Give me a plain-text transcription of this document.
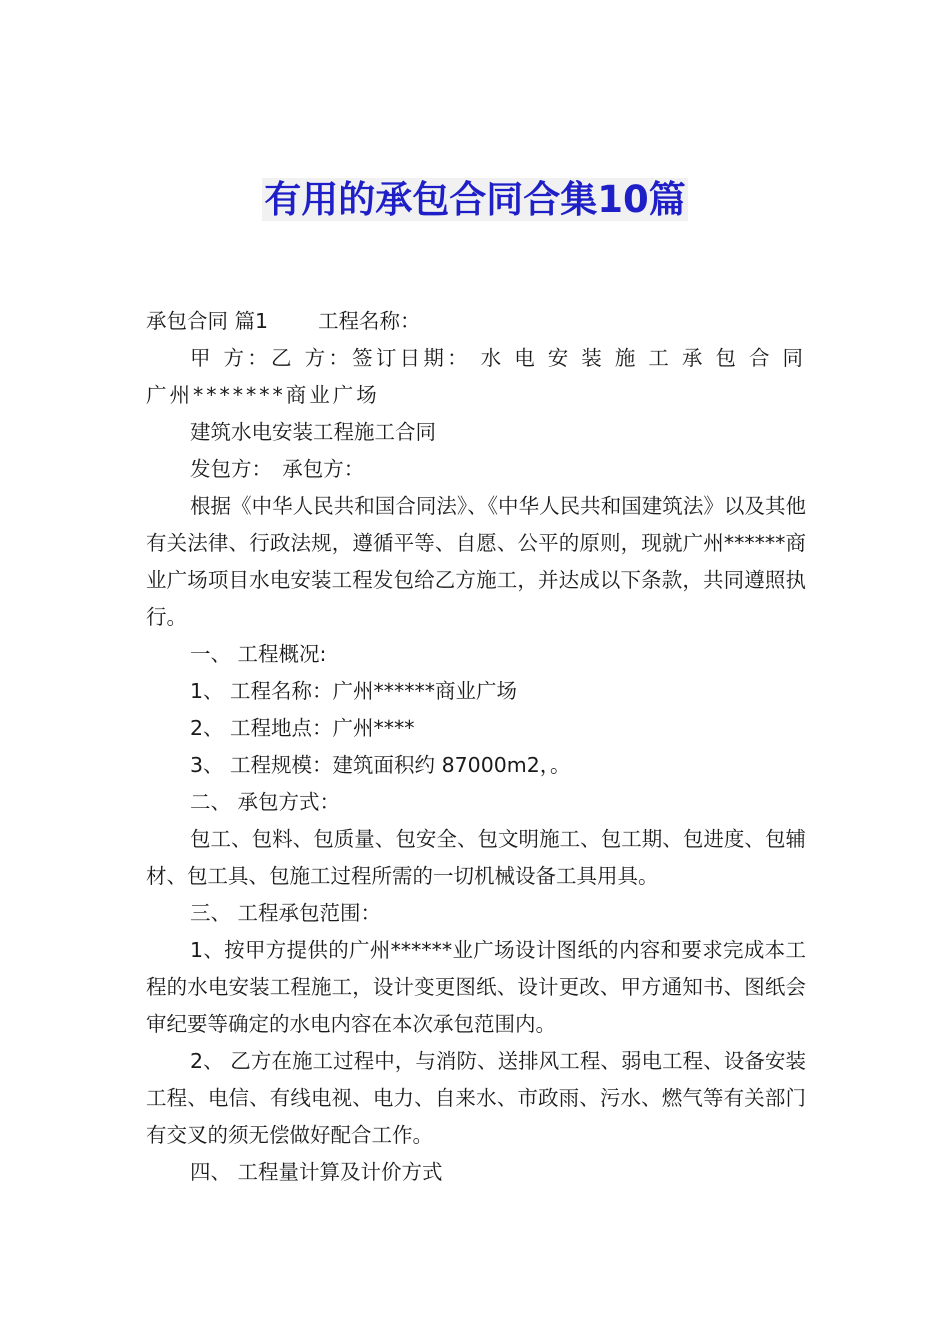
有用的承包合同合集10篇

承包合同 篇1 工程名称：

甲 方：乙 方：签订日期： 水 电 安 装 施 工 承 包 合 同 广州*******商业广场

建筑水电安装工程施工合同

发包方：　承包方：

根据《中华人民共和国合同法》、《中华人民共和国建筑法》以及其他有关法律、行政法规，遵循平等、自愿、公平的原则，现就广州******商业广场项目水电安装工程发包给乙方施工，并达成以下条款，共同遵照执行。

一、 工程概况:

1、 工程名称：广州******商业广场

2、 工程地点：广州****

3、 工程规模：建筑面积约 87000m2，。

二、 承包方式：

包工、包料、包质量、包安全、包文明施工、包工期、包进度、包辅材、包工具、包施工过程所需的一切机械设备工具用具。

三、 工程承包范围：

1、按甲方提供的广州******业广场设计图纸的内容和要求完成本工程的水电安装工程施工，设计变更图纸、设计更改、甲方通知书、图纸会审纪要等确定的水电内容在本次承包范围内。

2、 乙方在施工过程中，与消防、送排风工程、弱电工程、设备安装工程、电信、有线电视、电力、自来水、市政雨、污水、燃气等有关部门有交叉的须无偿做好配合工作。

四、 工程量计算及计价方式
